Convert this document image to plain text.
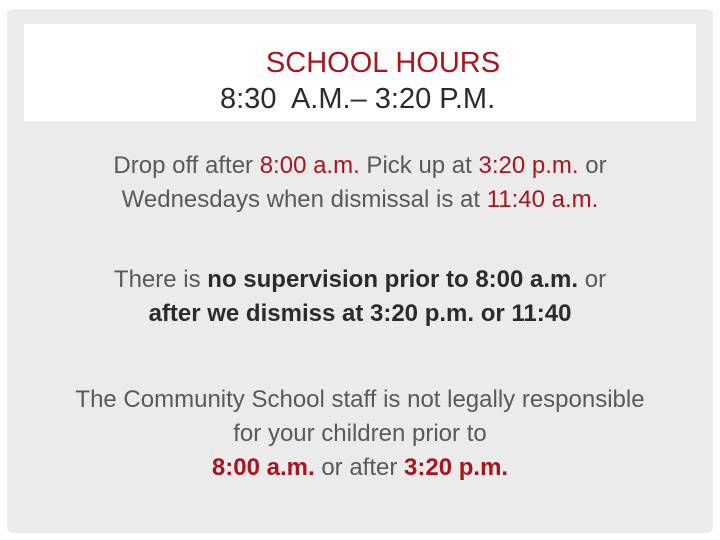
SCHOOL HOURS
8:30  A.M.– 3:20 P.M.
Drop off after 8:00 a.m. Pick up at 3:20 p.m. or
Wednesdays when dismissal is at 11:40 a.m.
There is no supervision prior to 8:00 a.m. or
after we dismiss at 3:20 p.m. or 11:40
The Community School staff is not legally responsible
for your children prior to
8:00 a.m. or after 3:20 p.m.
